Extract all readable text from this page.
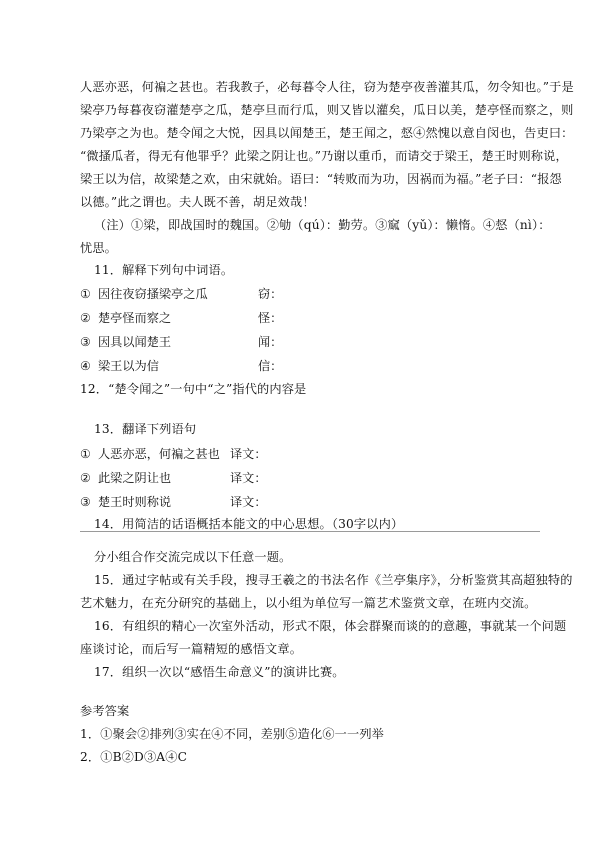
人恶亦恶，何褊之甚也。若我教子，必每暮令人往，窃为楚亭夜善灌其瓜，勿令知也。”于是
梁亭乃每暮夜窃灌楚亭之瓜，楚亭旦而行瓜，则又皆以灌矣，瓜日以美，楚亭怪而察之，则
乃梁亭之为也。楚令闻之大悦，因具以闻楚王，楚王闻之，惄④然愧以意自闵也，告吏曰：
“微搔瓜者，得无有他罪乎？此梁之阴让也。”乃谢以重币，而请交于梁王，楚王时则称说，
梁王以为信，故梁楚之欢，由宋就始。语曰：“转败而为功，因祸而为福。”老子曰：“报怨
以德。”此之谓也。夫人既不善，胡足效哉！
（注）①梁，即战国时的魏国。②劬（qú）：勤劳。③窳（yǔ）：懒惰。④惄（nì）：
忧思。
11．解释下列句中词语。
① 因往夜窃搔梁亭之瓜	窃：
② 楚亭怪而察之	怪：
③ 因具以闻楚王	闻：
④ 梁王以为信	信：
12．“楚令闻之”一句中“之”指代的内容是
13．翻译下列语句
① 人恶亦恶，何褊之甚也 译文：
② 此梁之阴让也	译文：
③ 楚王时则称说	译文：
14．用简洁的话语概括本能文的中心思想。（30字以内）
分小组合作交流完成以下任意一题。
15．通过字帖或有关手段，搜寻王羲之的书法名作《兰亭集序》，分析鉴赏其高超独特的
艺术魅力，在充分研究的基础上，以小组为单位写一篇艺术鉴赏文章，在班内交流。
16．有组织的精心一次室外活动，形式不限，体会群聚而谈的的意趣，事就某一个问题
座谈讨论，而后写一篇精短的感悟文章。
17．组织一次以“感悟生命意义”的演讲比赛。
参考答案
1．①聚会②排列③实在④不同，差别⑤造化⑥一一列举
2．①B②D③A④C
